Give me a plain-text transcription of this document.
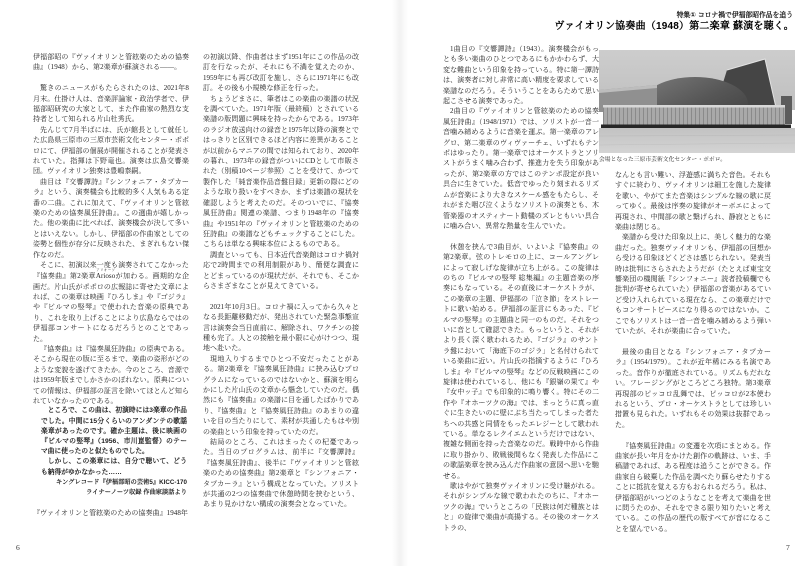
伊福部昭の『ヴァイオリンと管絃楽のための協奏曲』（1948）から、第2楽章が蘇演される——。

驚きのニュースがもたらされたのは、2021年8月末。仕掛け人は、音楽評論家・政治学者で、伊福部昭研究の大家として、また作曲家の熱烈な支持者として知られる片山杜秀氏。

先んじて7月半ばには、氏が館長として就任した広島県三原市の三原市芸術文化センター・ポポロにて、伊福部の個展が開催されることが発表されていた。指揮は下野竜也。演奏は広島交響楽団。ヴァイオリン独奏は豊嶋泰嗣。

曲目は『交響譚詩』『シンフォニア・タプカーラ』という、演奏機会も比較的多く人気もある定番の二曲。これに加えて、『ヴァイオリンと管絃楽のための協奏風狂詩曲』。この選曲が嬉しかった。他の楽曲に比べれば、演奏機会が決して多いとはいえない。しかし、伊福部の作曲家としての姿勢と個性が存分に反映された、まぎれもない傑作なのだ。

そこに、初演以来一度も演奏されてこなかった『協奏曲』第2楽章Ariosoアリオーソが加わる。画期的な企画だ。片山氏がポポロの広報誌に寄せた文章によれば、この楽章は映画『ひろしま』や『ゴジラ』や『ビルマの竪琴』で使われた音楽の原典であり、これを取り上げることにより広島ならではの伊福部コンサートになるだろうとのことであった。

『協奏曲』は『協奏風狂詩曲』の原典である。そこから現在の版に至るまで、楽曲の姿形がどのような変貌を遂げてきたか。今のところ、音源では1959年版までしかさかのぼれない。原典についての情報は、伊福部の証言を除いてほとんど知られていなかったのである。

ところで、この曲は、初演時には3楽章の作品でした。中間に15分くらいのアンダンテの歌謡楽章があったのです。確か主題は、後に映画の『ビルマの竪琴』（1956、市川崑監督）のテーマ曲に使ったのと似たものでした。

しかし、この楽章には、自分で聴いて、どうも納得がゆかなかった……

キングレコード『伊福部昭の芸術5』KICC-170

ライナーノーツ収録 作曲家談話より

『ヴァイオリンと管絃楽のための協奏曲』1948年

の初演以降、作曲者はまず1951年にこの作品の改訂を行なったが、それにも不満を覚えたのか、1959年にも再び改訂を施し、さらに1971年にも改訂。その後も小規模な修正を行った。

ちょうどまさに、筆者はこの楽曲の楽譜の状況を調べていた。1971年版（最終稿）とされている楽譜の版問題に興味を持ったからである。1973年のラジオ放送向けの録音と1975年以降の演奏とではっきりと区別できるほど内容に差異があることが以前からマニアの間では知られており、2020年の暮れ、1973年の録音がついにCDとして市販された（別稿10ページ参照）ことを受けて、かつて製作した「純音楽作品音盤目録」更新の際にどのような取り扱いをすべきか、まずは楽譜の現状を確認しようと考えたのだ。そのついでに、『協奏風狂詩曲』関連の楽譜、つまり1948年の『協奏曲』や1951年の『ヴァイオリンと管絃楽のための狂詩曲』の楽譜などもチェックすることにした。こちらは単なる興味本位によるものである。

調査といっても、日本近代音楽館はコロナ禍対応で2時間までの利用制限があり、簡便な調査にとどまっているのが現状だが、それでも、そこからさまざまなことが見えてきている。

2021年10月3日。コロナ禍に入ってから久々となる長距離移動だが、発出されていた緊急事態宣言は演奏会当日直前に、解除され、ワクチンの接種も完了。人との接触を最小限に心がけつつ、現地へ赴いた。

現地入りするまでひとつ不安だったことがある。第2楽章を『協奏風狂詩曲』に挟み込むプログラムになっているのではないかと、蘇演を明らかにした片山氏の文章から懸念していたのだ。偶然にも『協奏曲』の楽譜に目を通したばかりであり、『協奏曲』と『協奏風狂詩曲』のあまりの違いを目の当たりにして、素材が共通したもはや別の楽曲という印象を持っていたのだ。

結局のところ、これはまったくの杞憂であった。当日のプログラムは、前半に『交響譚詩』『協奏風狂詩曲』、後半に『ヴァイオリンと管絃楽のための協奏曲』第2楽章と『シンフォニア・タプカーラ』という構成となっていた。ソリストが共通の2つの協奏曲で休憩時間を挟むという、あまり見かけない構成の演奏会となっていた。

6
特集① コロナ禍で伊福部昭作品を追う
ヴァイオリン協奏曲（1948）第二楽章 蘇演を聴く。
会場となった三原市芸術文化センター・ポポロ。

1曲目の『交響譚詩』（1943）。演奏機会がもっとも多い楽曲のひとつであるにもかかわらず、大変な難曲という印象を持っている。特に第一譚詩は、演奏者に対し非常に高い精度を要求している楽譜なのだろう。そういうことをあらためて思い起こさせる演奏であった。

2曲目の『ヴァイオリンと管絃楽のための協奏風狂詩曲』（1948/1971）では、ソリストが一音一音噛み締めるように音楽を運ぶ。第一楽章のアレグロ、第二楽章のヴィヴァーチェ、いずれもテンポはゆったり。第一楽章ではオーケストラとソリストがうまく噛み合わず、推進力を失う印象があったが、第2楽章の方ではこのテンポ設定が良い具合に生きていた。低音でゆったり刻まれるリズムが音楽により大きなスケール感をもたらし、それがまた咽び泣くようなソリストの演奏とも、木管楽器のオスティナート動機のズレともいい具合に噛み合い、異常な熱量を生んでいた。

休憩を挟んで3曲目が、いよいよ『協奏曲』の第2楽章。弦のトレモロの上に、コールアングレによって寂しげな旋律が立ち上がる。この旋律はのちの『ビルマの竪琴 総集編』の主題音楽の序奏にもなっている。その直後にオーケストラが、この楽章の主題、伊福部の「泣き節」をストレートに歌い始める。伊福部の証言にもあった、『ビルマの竪琴』の主題曲と同一のものだ。それをついに音として確認できた。もっというと、それがより長く深く歌われるため、『ゴジラ』のサントラ盤において「海底下のゴジラ」と名付けられている楽曲に近い。片山氏の指摘するように『ひろしま』や『ビルマの竪琴』などの反戦映画にこの旋律は使われているし、他にも『銀嶺の果て』や『女中ッ子』でも印象的に鳴り響く。特にその二作や『オホーツクの海』では、まっとうに真っ直ぐに生きたいのに壁にぶち当たってしまった者たちへの共感と同情をもったエレジーとして歌われている。単なるレクイエムというだけではない、複雑な側面を持った音楽なのだ。戦時中から作曲に取り掛かり、敗戦後間もなく発表した作品にこの歌謡楽章を挟み込んだ作曲家の意図へ思いを馳せる。

歌はやがて独奏ヴァイオリンに受け継がれる。それがシンプルな線で歌われたのちに、『オホーツクの海』でいうところの「民族は何だ種族とはと」の旋律で楽曲が高揚する。その後のオーケストラの、

なんとも言い難い、浮遊感に満ちた音色。それもすぐに終わり、ヴァイオリンは細工を施した旋律を歌い、やがてまた音楽はシンプルな線の歌に戻ってゆく。最後は序奏の旋律がオーボエによって再現され、中間部の歌と繋げられ、静寂とともに楽曲は閉じる。

楽譜から受けた印象以上に、美しく魅力的な楽曲だった。独奏ヴァイオリンも、伊福部の回想から受ける印象ほどくどさは感じられない。発表当時は批判にさらされたようだが（たとえば東宝交響楽団の機関紙『シンフォニー』読者投稿欄でも批判が寄せられていた）伊福部の音楽があるていど受け入れられている現在なら、この楽章だけでもコンサートピースになり得るのではないか。ここでもソリストは一音一音を噛み締めるよう弾いていたが、それが楽曲に合っていた。

最後の曲目となる『シンフォニア・タプカーラ』（1954/1979）。これが近年稀にみる名演であった。音作りが徹底されている。リズムもだれない。フレージングがところどころ独特。第3楽章再現部のピッコロ乱舞では、ピッコロが2本使われるという、プロ・オーケストラとしては珍しい措置も見られた。いずれもその効果は抜群であった。

『協奏風狂詩曲』の変遷を次項にまとめる。作曲家が長い年月をかけた創作の軌跡は、いま、手稿譜であれば、ある程度は追うことができる。作曲家自ら破棄した作品を調べたり蘇らせたりすることに抵抗を覚える方もおられるだろう。私は、伊福部昭がいつどのようなことを考えて楽曲を世に問うたのか、それをできる限り知りたいと考えている。この作品の歴代の版すべてが音になることを望んでいる。

7
